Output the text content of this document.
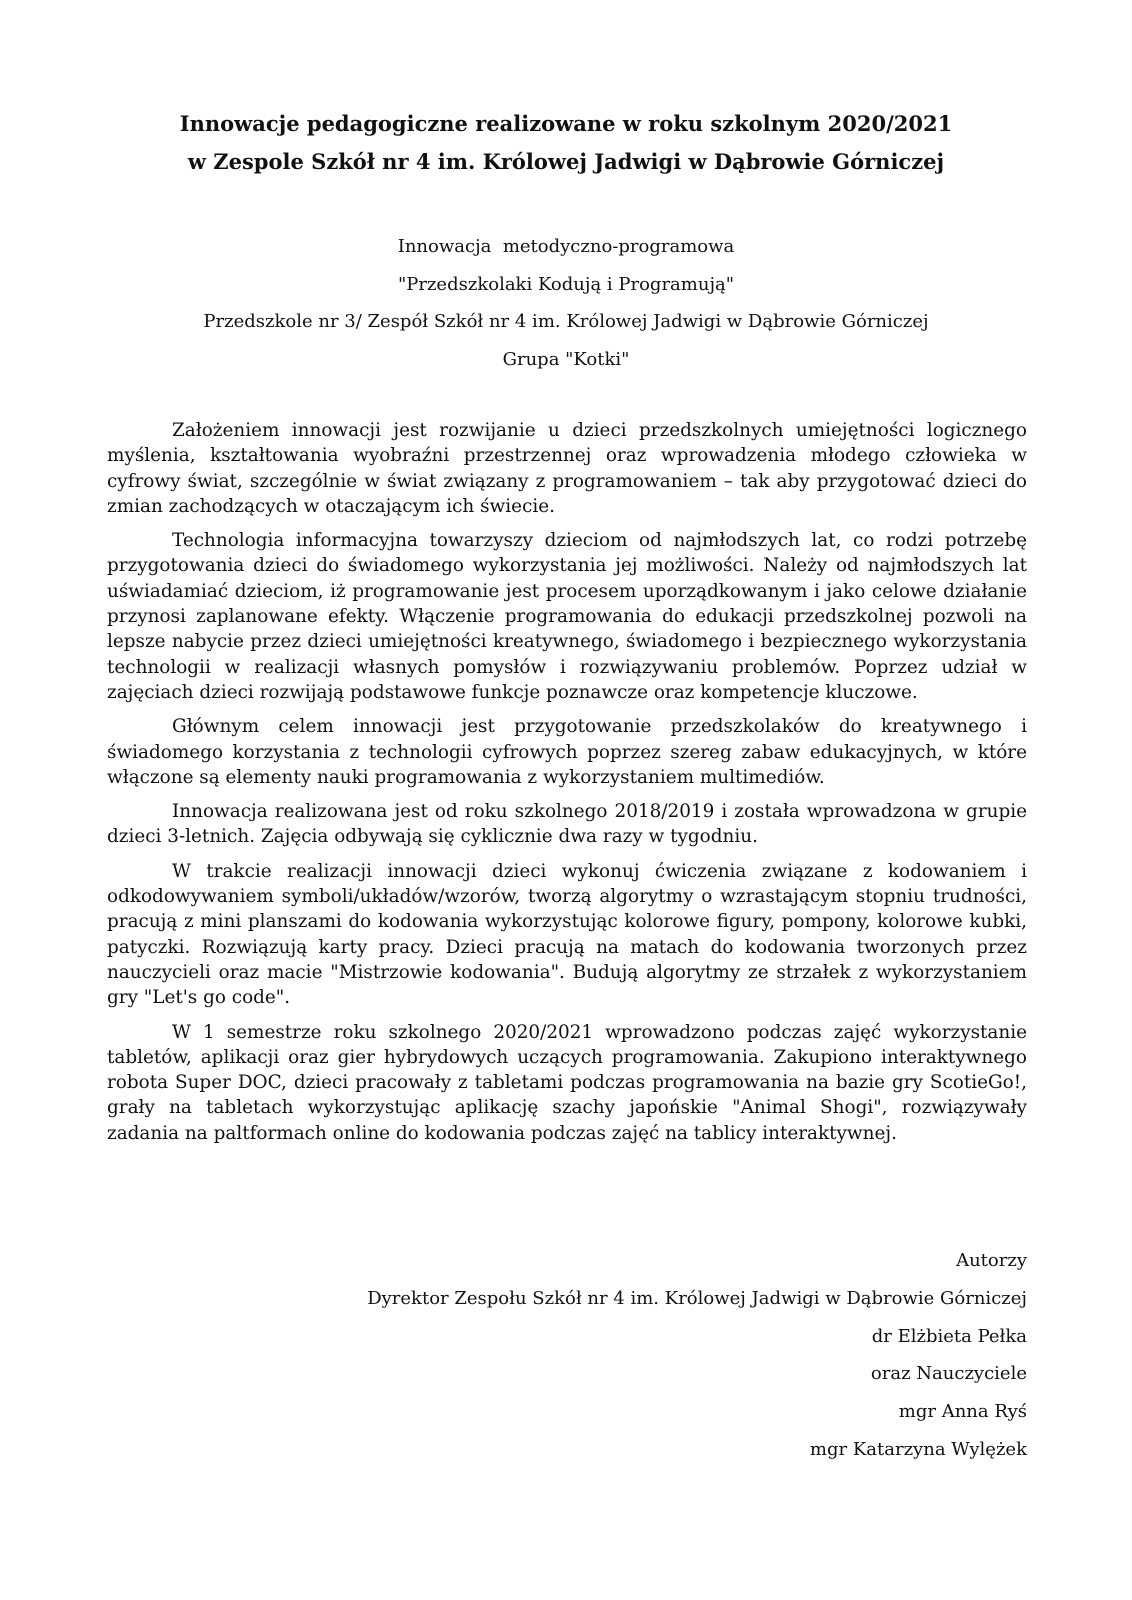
Innowacje pedagogiczne realizowane w roku szkolnym 2020/2021
w Zespole Szkół nr 4 im. Królowej Jadwigi w Dąbrowie Górniczej
Innowacja  metodyczno-programowa
"Przedszkolaki Kodują i Programują"
Przedszkole nr 3/ Zespół Szkół nr 4 im. Królowej Jadwigi w Dąbrowie Górniczej
Grupa "Kotki"

Założeniem innowacji jest rozwijanie u dzieci przedszkolnych umiejętności logicznego myślenia, kształtowania wyobraźni przestrzennej oraz wprowadzenia młodego człowieka w cyfrowy świat, szczególnie w świat związany z programowaniem – tak aby przygotować dzieci do zmian zachodzących w otaczającym ich świecie.

Technologia informacyjna towarzyszy dzieciom od najmłodszych lat, co rodzi potrzebę przygotowania dzieci do świadomego wykorzystania jej możliwości. Należy od najmłodszych lat uświadamiać dzieciom, iż programowanie jest procesem uporządkowanym i jako celowe działanie przynosi zaplanowane efekty. Włączenie programowania do edukacji przedszkolnej pozwoli na lepsze nabycie przez dzieci umiejętności kreatywnego, świadomego i bezpiecznego wykorzystania technologii w realizacji własnych pomysłów i rozwiązywaniu problemów. Poprzez udział w zajęciach dzieci rozwijają podstawowe funkcje poznawcze oraz kompetencje kluczowe.

Głównym celem innowacji jest przygotowanie przedszkolaków do kreatywnego i świadomego korzystania z technologii cyfrowych poprzez szereg zabaw edukacyjnych, w które włączone są elementy nauki programowania z wykorzystaniem multimediów.

Innowacja realizowana jest od roku szkolnego 2018/2019 i została wprowadzona w grupie dzieci 3-letnich. Zajęcia odbywają się cyklicznie dwa razy w tygodniu.

W trakcie realizacji innowacji dzieci wykonuj ćwiczenia związane z kodowaniem i odkodowywaniem symboli/układów/wzorów, tworzą algorytmy o wzrastającym stopniu trudności, pracują z mini planszami do kodowania wykorzystując kolorowe figury, pompony, kolorowe kubki, patyczki. Rozwiązują karty pracy. Dzieci pracują na matach do kodowania tworzonych przez nauczycieli oraz macie "Mistrzowie kodowania". Budują algorytmy ze strzałek z wykorzystaniem gry "Let's go code".

W 1 semestrze roku szkolnego 2020/2021 wprowadzono podczas zajęć wykorzystanie tabletów, aplikacji oraz gier hybrydowych uczących programowania. Zakupiono interaktywnego robota Super DOC, dzieci pracowały z tabletami podczas programowania na bazie gry ScotieGo!, grały na tabletach wykorzystując aplikację szachy japońskie "Animal Shogi", rozwiązywały zadania na paltformach online do kodowania podczas zajęć na tablicy interaktywnej.

Autorzy
Dyrektor Zespołu Szkół nr 4 im. Królowej Jadwigi w Dąbrowie Górniczej
dr Elżbieta Pełka
oraz Nauczyciele
mgr Anna Ryś
mgr Katarzyna Wylężek
